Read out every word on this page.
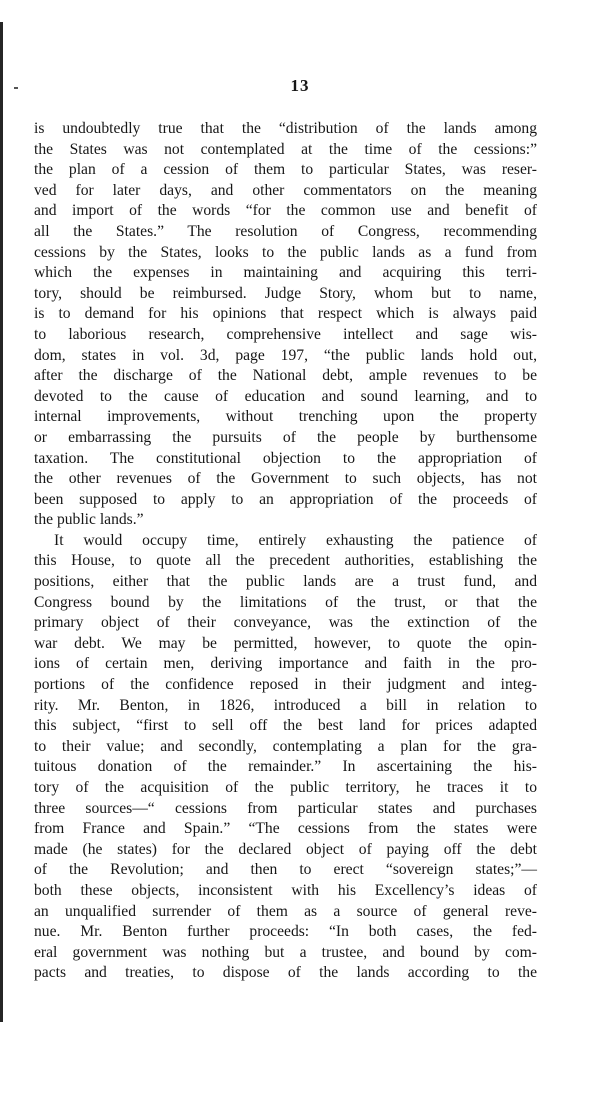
13
is undoubtedly true that the “distribution of the lands among
the States was not contemplated at the time of the cessions:”
the plan of a cession of them to particular States, was reser-
ved for later days, and other commentators on the meaning
and import of the words “for the common use and benefit of
all the States.” The resolution of Congress, recommending
cessions by the States, looks to the public lands as a fund from
which the expenses in maintaining and acquiring this terri-
tory, should be reimbursed. Judge Story, whom but to name,
is to demand for his opinions that respect which is always paid
to laborious research, comprehensive intellect and sage wis-
dom, states in vol. 3d, page 197, “the public lands hold out,
after the discharge of the National debt, ample revenues to be
devoted to the cause of education and sound learning, and to
internal improvements, without trenching upon the property
or embarrassing the pursuits of the people by burthensome
taxation. The constitutional objection to the appropriation of
the other revenues of the Government to such objects, has not
been supposed to apply to an appropriation of the proceeds of
the public lands.”
It would occupy time, entirely exhausting the patience of
this House, to quote all the precedent authorities, establishing the
positions, either that the public lands are a trust fund, and
Congress bound by the limitations of the trust, or that the
primary object of their conveyance, was the extinction of the
war debt. We may be permitted, however, to quote the opin-
ions of certain men, deriving importance and faith in the pro-
portions of the confidence reposed in their judgment and integ-
rity. Mr. Benton, in 1826, introduced a bill in relation to
this subject, “first to sell off the best land for prices adapted
to their value; and secondly, contemplating a plan for the gra-
tuitous donation of the remainder.” In ascertaining the his-
tory of the acquisition of the public territory, he traces it to
three sources—“ cessions from particular states and purchases
from France and Spain.” “The cessions from the states were
made (he states) for the declared object of paying off the debt
of the Revolution; and then to erect “sovereign states;”—
both these objects, inconsistent with his Excellency’s ideas of
an unqualified surrender of them as a source of general reve-
nue. Mr. Benton further proceeds: “In both cases, the fed-
eral government was nothing but a trustee, and bound by com-
pacts and treaties, to dispose of the lands according to the
